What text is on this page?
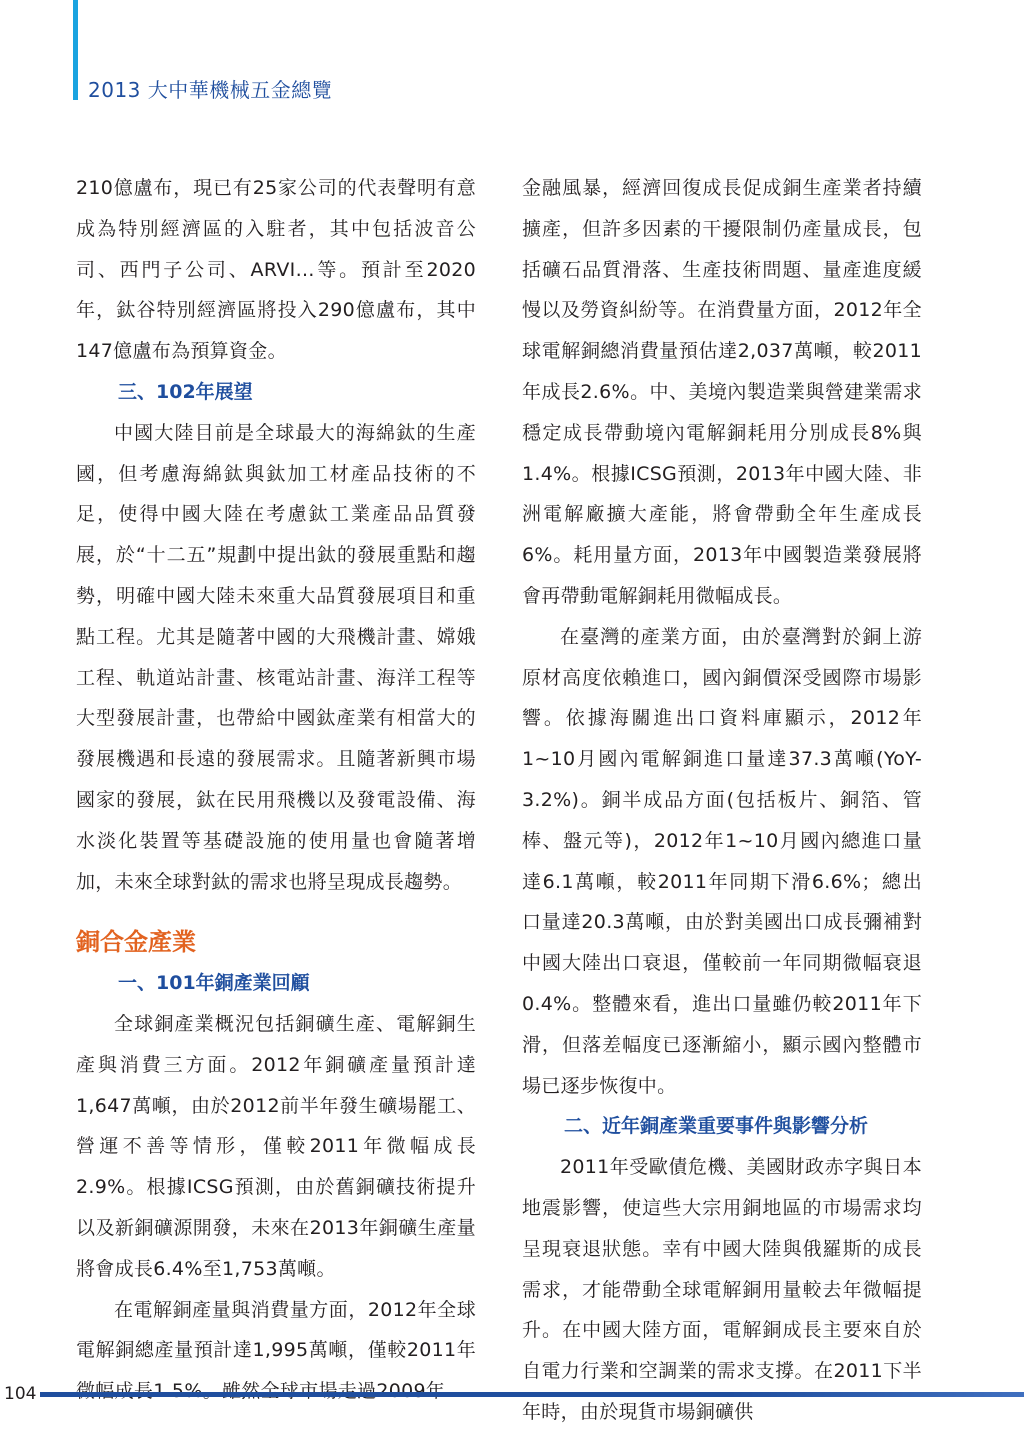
2013 大中華機械五金總覽

210億盧布，現已有25家公司的代表聲明有意成為特別經濟區的入駐者，其中包括波音公司、西門子公司、ARVI…等。預計至2020年，鈦谷特別經濟區將投入290億盧布，其中147億盧布為預算資金。

三、102年展望

中國大陸目前是全球最大的海綿鈦的生產國，但考慮海綿鈦與鈦加工材產品技術的不足，使得中國大陸在考慮鈦工業產品品質發展，於“十二五”規劃中提出鈦的發展重點和趨勢，明確中國大陸未來重大品質發展項目和重點工程。尤其是隨著中國的大飛機計畫、嫦娥工程、軌道站計畫、核電站計畫、海洋工程等大型發展計畫，也帶給中國鈦產業有相當大的發展機遇和長遠的發展需求。且隨著新興市場國家的發展，鈦在民用飛機以及發電設備、海水淡化裝置等基礎設施的使用量也會隨著增加，未來全球對鈦的需求也將呈現成長趨勢。

銅合金產業

一、101年銅產業回顧

全球銅產業概況包括銅礦生產、電解銅生產與消費三方面。2012年銅礦產量預計達1,647萬噸，由於2012前半年發生礦場罷工、營運不善等情形，僅較2011年微幅成長2.9%。根據ICSG預測，由於舊銅礦技術提升以及新銅礦源開發，未來在2013年銅礦生產量將會成長6.4%至1,753萬噸。

在電解銅產量與消費量方面，2012年全球電解銅總產量預計達1,995萬噸，僅較2011年

金融風暴，經濟回復成長促成銅生產業者持續擴產，但許多因素的干擾限制仍產量成長，包括礦石品質滑落、生產技術問題、量產進度緩慢以及勞資糾紛等。在消費量方面，2012年全球電解銅總消費量預估達2,037萬噸，較2011年成長2.6%。中、美境內製造業與營建業需求穩定成長帶動境內電解銅耗用分別成長8%與1.4%。根據ICSG預測，2013年中國大陸、非洲電解廠擴大產能，將會帶動全年生產成長6%。耗用量方面，2013年中國製造業發展將會再帶動電解銅耗用微幅成長。

在臺灣的產業方面，由於臺灣對於銅上游原材高度依賴進口，國內銅價深受國際市場影響。依據海關進出口資料庫顯示，2012年1~10月國內電解銅進口量達37.3萬噸(YoY-3.2%)。銅半成品方面(包括板片、銅箔、管棒、盤元等)，2012年1~10月國內總進口量達6.1萬噸，較2011年同期下滑6.6%；總出口量達20.3萬噸，由於對美國出口成長彌補對中國大陸出口衰退，僅較前一年同期微幅衰退0.4%。整體來看，進出口量雖仍較2011年下滑，但落差幅度已逐漸縮小，顯示國內整體市場已逐步恢復中。

二、近年銅產業重要事件與影響分析

2011年受歐債危機、美國財政赤字與日本地震影響，使這些大宗用銅地區的市場需求均呈現衰退狀態。幸有中國大陸與俄羅斯的成長需求，才能帶動全球電解銅用量較去年微幅提升。在中國大陸方面，電解銅成長主要來自於自電力行業和空調業的需求支撐。在2011下半年時，由於現貨市場銅礦供

104
